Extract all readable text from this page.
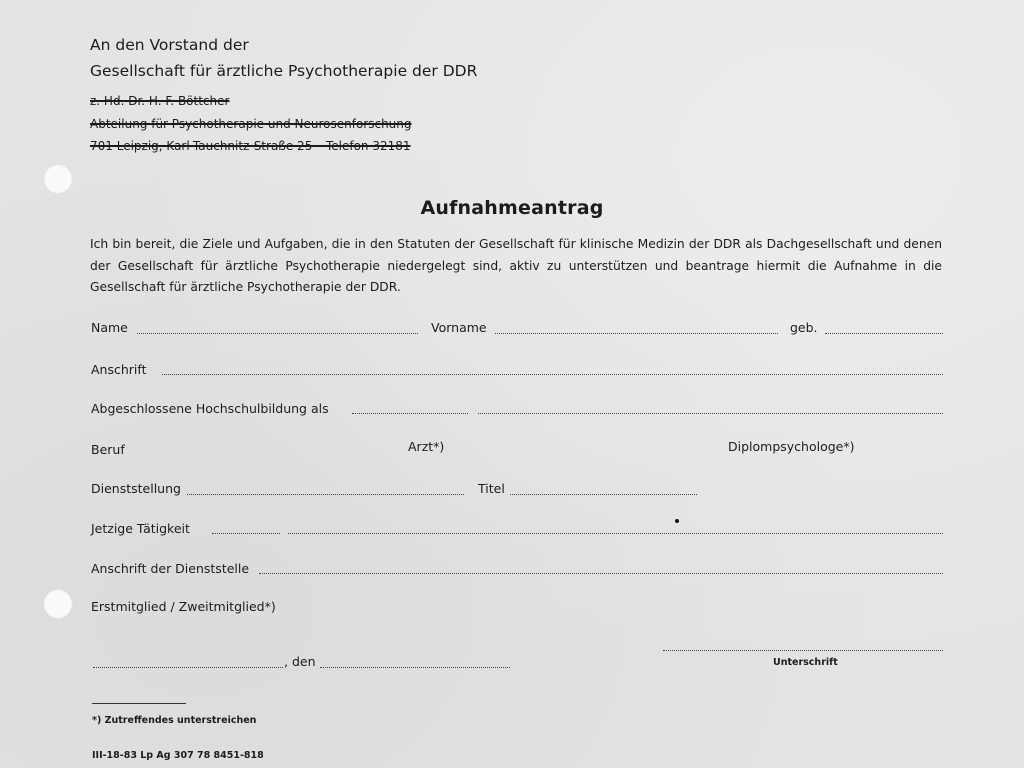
An den Vorstand der
Gesellschaft für ärztliche Psychotherapie der DDR
z. Hd. Dr. H. F. Böttcher
Abteilung für Psychotherapie und Neurosenforschung
701 Leipzig, Karl-Tauchnitz-Straße 25 – Telefon 32181
Aufnahmeantrag
Ich bin bereit, die Ziele und Aufgaben, die in den Statuten der Gesellschaft für klinische Medizin der DDR als Dachgesellschaft und denen der Gesellschaft für ärztliche Psychotherapie niedergelegt sind, aktiv zu unterstützen und beantrage hiermit die Aufnahme in die Gesellschaft für ärztliche Psychotherapie der DDR.
Name	Vorname	geb.
Anschrift
Abgeschlossene Hochschulbildung als
Beruf	Arzt*)	Diplompsychologe*)
Dienststellung	Titel
Jetzige Tätigkeit
Anschrift der Dienststelle
Erstmitglied / Zweitmitglied*)
, den	Unterschrift
*) Zutreffendes unterstreichen
III-18-83 Lp Ag 307 78 8451-818
